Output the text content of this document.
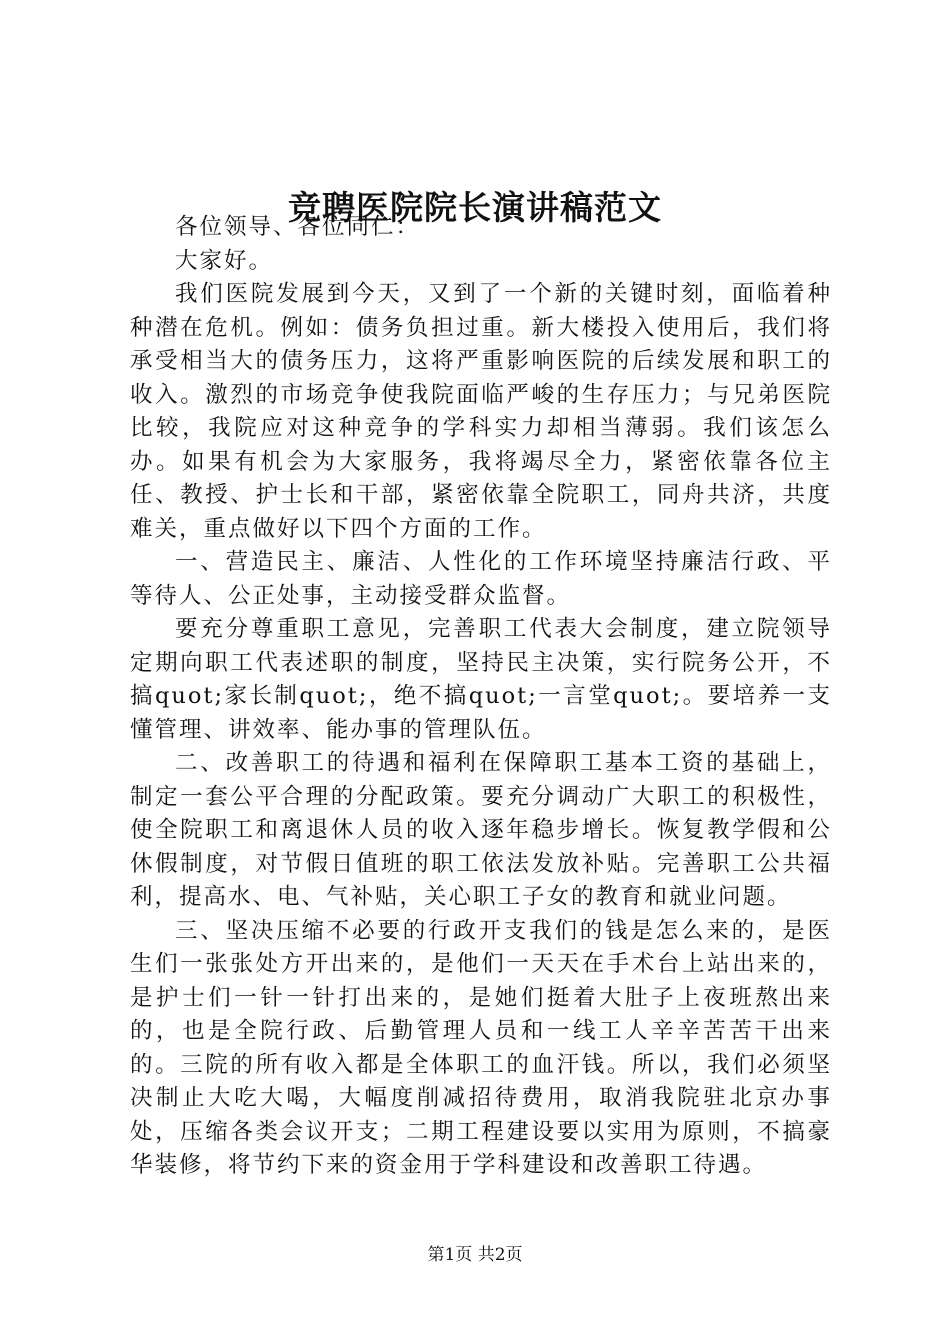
竞聘医院院长演讲稿范文

各位领导、各位同仁：

大家好。

我们医院发展到今天，又到了一个新的关键时刻，面临着种种潜在危机。例如：债务负担过重。新大楼投入使用后，我们将承受相当大的债务压力，这将严重影响医院的后续发展和职工的收入。激烈的市场竞争使我院面临严峻的生存压力；与兄弟医院比较，我院应对这种竞争的学科实力却相当薄弱。我们该怎么办。如果有机会为大家服务，我将竭尽全力，紧密依靠各位主任、教授、护士长和干部，紧密依靠全院职工，同舟共济，共度难关，重点做好以下四个方面的工作。

一、营造民主、廉洁、人性化的工作环境坚持廉洁行政、平等待人、公正处事，主动接受群众监督。

要充分尊重职工意见，完善职工代表大会制度，建立院领导定期向职工代表述职的制度，坚持民主决策，实行院务公开，不搞quot;家长制quot;，绝不搞quot;一言堂quot;。要培养一支懂管理、讲效率、能办事的管理队伍。

二、改善职工的待遇和福利在保障职工基本工资的基础上，制定一套公平合理的分配政策。要充分调动广大职工的积极性，使全院职工和离退休人员的收入逐年稳步增长。恢复教学假和公休假制度，对节假日值班的职工依法发放补贴。完善职工公共福利，提高水、电、气补贴，关心职工子女的教育和就业问题。

三、坚决压缩不必要的行政开支我们的钱是怎么来的，是医生们一张张处方开出来的，是他们一天天在手术台上站出来的，是护士们一针一针打出来的，是她们挺着大肚子上夜班熬出来的，也是全院行政、后勤管理人员和一线工人辛辛苦苦干出来的。三院的所有收入都是全体职工的血汗钱。所以，我们必须坚决制止大吃大喝，大幅度削减招待费用，取消我院驻北京办事处，压缩各类会议开支；二期工程建设要以实用为原则，不搞豪华装修，将节约下来的资金用于学科建设和改善职工待遇。

第1页 共2页
